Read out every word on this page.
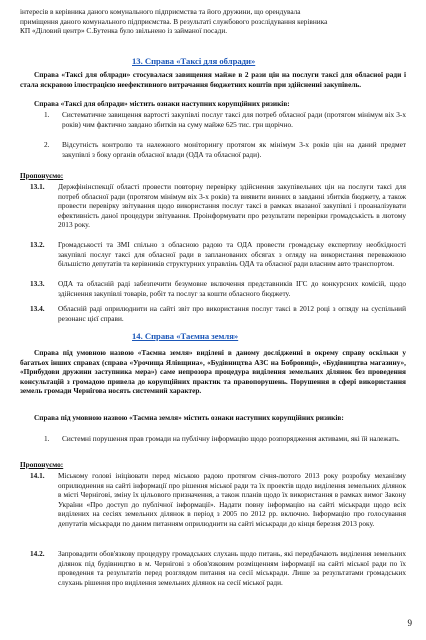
інтересів в керівника даного комунального підприємства та його дружини, що орендувала
приміщення даного комунального підприємства. В результаті службового розслідування керівника
КП «Діловий центр» С.Бутенка було звільнено із займаної посади.

13. Справа «Таксі для облради»

Справа «Таксі для облради» стосувалася завищення майже в 2 рази цін на послуги таксі для обласної ради і стала яскравою ілюстрацією неефективного витрачання бюджетних коштів при здійсненні закупівель.

Справа «Таксі для облради» містить ознаки наступних корупційних ризиків:

1.	Систематичне завищення вартості закупівлі послуг таксі для потреб обласної ради (протягом мінімум віх 3-х років) чим фактично завдано збитків на суму майже 625 тис. грн щорічно.
2.	Відсутність контролю та належного моніторингу протягом як мінімум 3-х років цін на даний предмет закупівлі з боку органів обласної влади (ОДА та обласної ради).

Пропонуємо:

13.1.	Держфінінспекції області провести повторну перевірку здійснення закупівельних цін на послуги таксі для потреб обласної ради (протягом мінімум віх 3-х років) та виявити винних в завданні збитків бюджету, а також провести перевірку звітування щодо використання послуг таксі в рамках вказаної закупівлі і проаналізувати ефективність даної процедури звітування. Проінформувати про результати перевірки громадськість в лютому 2013 року.
13.2.	Громадськості та ЗМІ спільно з обласною радою та ОДА провести громадську експертизу необхідності закупівлі послуг таксі для обласної ради в запланованих обсягах з огляду на використання переважною більшістю депутатів та керівників структурних управлінь ОДА та обласної ради власним авто транспортом.
13.3.	ОДА та обласній раді забезпечити безумовне включення представників ІГС до конкурсних комісій, щодо здійснення закупівлі товарів, робіт та послуг за кошти обласного бюджету.
13.4.	Обласній раді оприлюднити на сайті звіт про використання послуг таксі в 2012 році з огляду на суспільний резонанс цієї справи.
14. Справа «Таємна земля»

Справа під умовною назвою «Таємна земля» виділені в даному дослідженні в окрему справу оскільки у багатьох інших справах (справа «Урочища Ялівщина», «Будівництва АЗС на Бобровиці», «Будівництва магазину», «Прибудови дружини заступника мера») саме непрозора процедура виділення земельних ділянок без проведення консультацій з громадою привела до корупційних практик та правопорушень. Порушення в сфері використання земель громади Чернігова носять системний характер.

Справа під умовною назвою «Таємна земля» містить ознаки наступних корупційних ризиків:

1.	Системні порушення прав громади на публічну інформацію щодо розпорядження активами, які їй належать.

Пропонуємо:

14.1.	Міському голові ініціювати перед міською радою протягом січня-лютого 2013 року розробку механізму оприлюднення на сайті інформації про рішення міської ради та їх проектів щодо виділення земельних ділянок в місті Чернігові, зміну їх цільового призначення, а також планів щодо їх використання в рамках вимог Закону України «Про доступ до публічної інформації». Надати повну інформацію на сайті міськради щодо всіх виділених на сесіях земельних ділянок в період з 2005 по 2012 рр. включно. Інформацію про голосування депутатів міськради по даним питанням оприлюднити на сайті міськради до кінця березня 2013 року.
14.2.	Запровадити обов'язкову процедуру громадських слухань щодо питань, які передбачають виділення земельних ділянок під будівництво в м. Чернігові з обов'язковим розміщенням інформації на сайті міської ради по їх проведення та результатів перед розглядом питання на сесії міськради. Лише за результатами громадських слухань рішення про виділення земельних ділянок на сесії міської ради.
9
